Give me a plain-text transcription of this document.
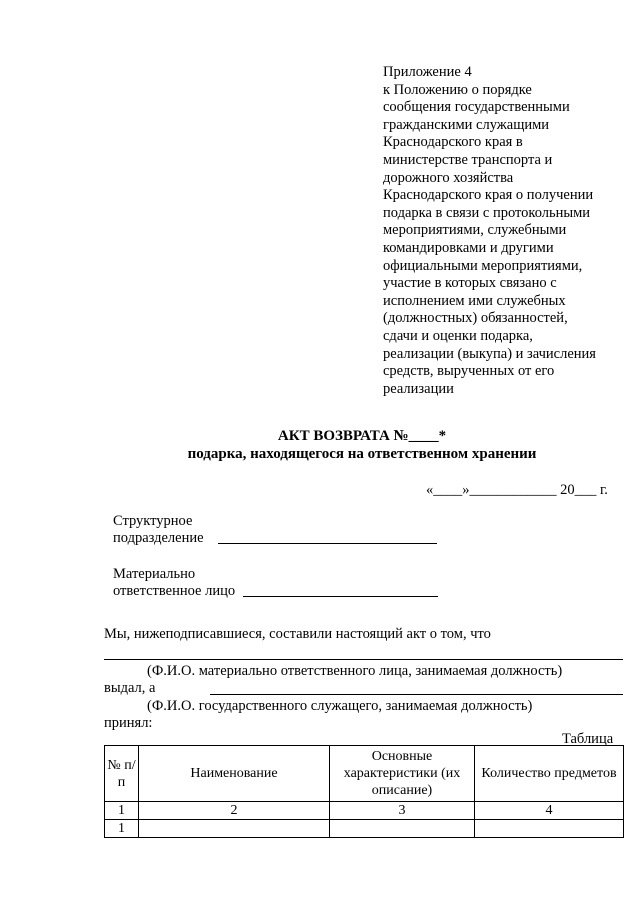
Приложение 4
к Положению о порядке
сообщения государственными
гражданскими служащими
Краснодарского края в
министерстве транспорта и
дорожного хозяйства
Краснодарского края о получении
подарка в связи с протокольными
мероприятиями, служебными
командировками и другими
официальными мероприятиями,
участие в которых связано с
исполнением ими служебных
(должностных) обязанностей,
сдачи и оценки подарка,
реализации (выкупа) и зачисления
средств, вырученных от его
реализации
АКТ ВОЗВРАТА №____*
подарка, находящегося на ответственном хранении
«____»____________ 20___ г.
Структурное
подразделение
Материально
ответственное лицо
Мы, нижеподписавшиеся, составили настоящий акт о том, что
(Ф.И.О. материально ответственного лица, занимаемая должность)
выдал, а
(Ф.И.О. государственного служащего, занимаемая должность)
принял:
Таблица
№ п/п	Наименование	Основные характеристики (их описание)	Количество предметов
1	2	3	4
1			
